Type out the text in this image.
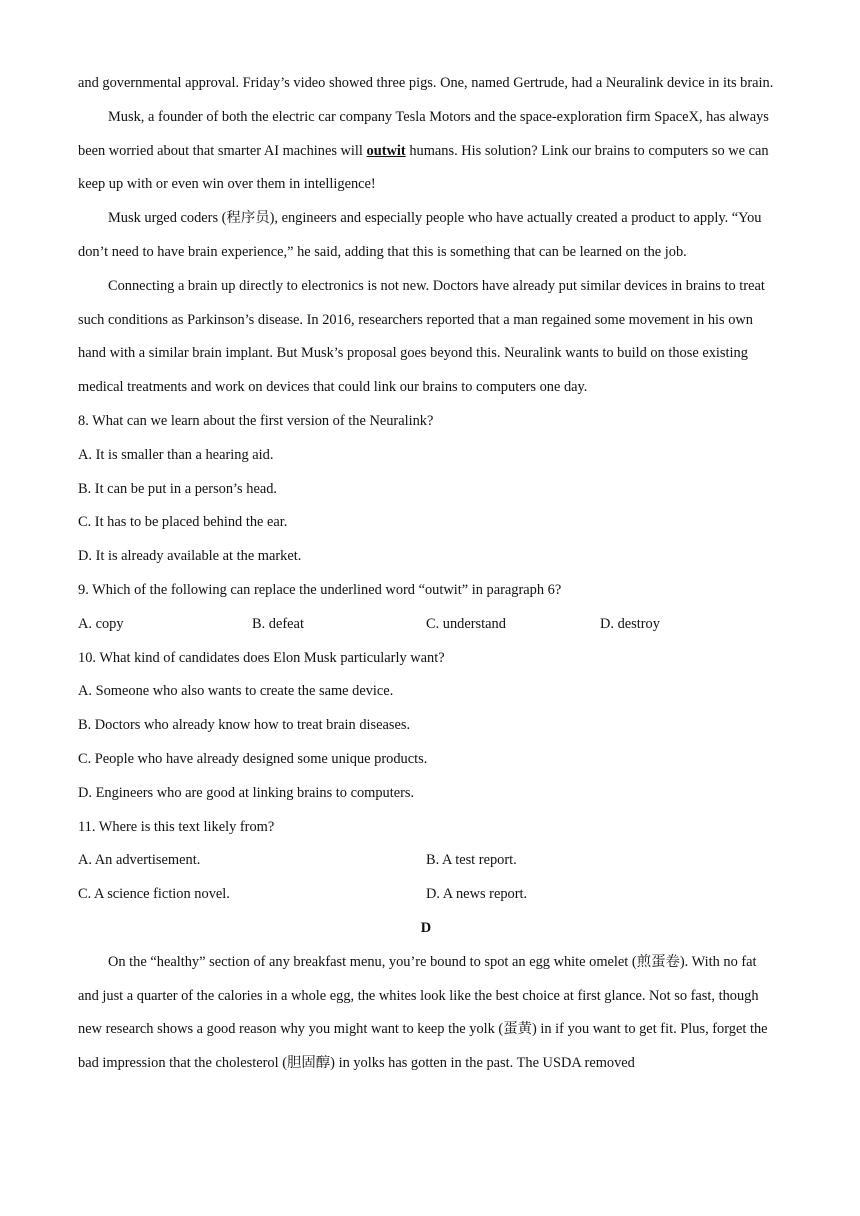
and governmental approval. Friday’s video showed three pigs. One, named Gertrude, had a Neuralink device in its brain.

Musk, a founder of both the electric car company Tesla Motors and the space-exploration firm SpaceX, has always been worried about that smarter AI machines will outwit humans. His solution? Link our brains to computers so we can keep up with or even win over them in intelligence!

Musk urged coders (程序员), engineers and especially people who have actually created a product to apply. “You don’t need to have brain experience,” he said, adding that this is something that can be learned on the job.

Connecting a brain up directly to electronics is not new. Doctors have already put similar devices in brains to treat such conditions as Parkinson’s disease. In 2016, researchers reported that a man regained some movement in his own hand with a similar brain implant. But Musk’s proposal goes beyond this. Neuralink wants to build on those existing medical treatments and work on devices that could link our brains to computers one day.

8. What can we learn about the first version of the Neuralink?

A. It is smaller than a hearing aid.

B. It can be put in a person’s head.

C. It has to be placed behind the ear.

D. It is already available at the market.

9. Which of the following can replace the underlined word “outwit” in paragraph 6?

A. copy	B. defeat	C. understand	D. destroy

10. What kind of candidates does Elon Musk particularly want?

A. Someone who also wants to create the same device.

B. Doctors who already know how to treat brain diseases.

C. People who have already designed some unique products.

D. Engineers who are good at linking brains to computers.

11. Where is this text likely from?

A. An advertisement.	B. A test report.
C. A science fiction novel.	D. A news report.

D

On the “healthy” section of any breakfast menu, you’re bound to spot an egg white omelet (煎蛋卷). With no fat and just a quarter of the calories in a whole egg, the whites look like the best choice at first glance. Not so fast, though new research shows a good reason why you might want to keep the yolk (蛋黄) in if you want to get fit. Plus, forget the bad impression that the cholesterol (胆固醇) in yolks has gotten in the past. The USDA removed
